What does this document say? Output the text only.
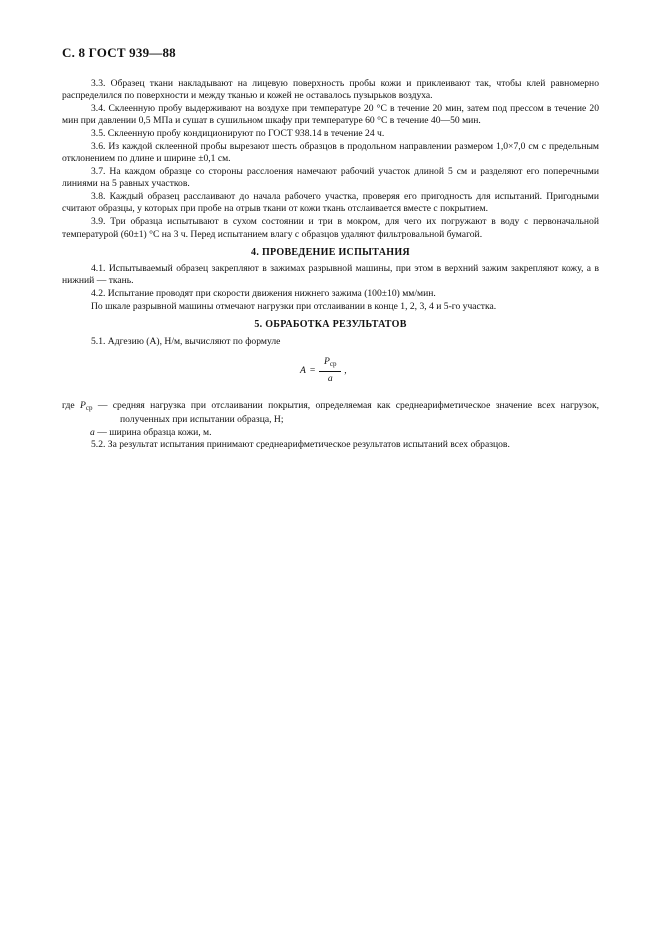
С. 8 ГОСТ 939—88

3.3. Образец ткани накладывают на лицевую поверхность пробы кожи и приклеивают так, чтобы клей равномерно распределился по поверхности и между тканью и кожей не оставалось пузырьков воздуха.

3.4. Склеенную пробу выдерживают на воздухе при температуре 20 °С в течение 20 мин, затем под прессом в течение 20 мин при давлении 0,5 МПа и сушат в сушильном шкафу при температуре 60 °С в течение 40—50 мин.

3.5. Склеенную пробу кондиционируют по ГОСТ 938.14 в течение 24 ч.

3.6. Из каждой склеенной пробы вырезают шесть образцов в продольном направлении размером 1,0×7,0 см с предельным отклонением по длине и ширине ±0,1 см.

3.7. На каждом образце со стороны расслоения намечают рабочий участок длиной 5 см и разделяют его поперечными линиями на 5 равных участков.

3.8. Каждый образец расслаивают до начала рабочего участка, проверяя его пригодность для испытаний. Пригодными считают образцы, у которых при пробе на отрыв ткани от кожи ткань отслаивается вместе с покрытием.

3.9. Три образца испытывают в сухом состоянии и три в мокром, для чего их погружают в воду с первоначальной температурой (60±1) °С на 3 ч. Перед испытанием влагу с образцов удаляют фильтровальной бумагой.

4. ПРОВЕДЕНИЕ ИСПЫТАНИЯ

4.1. Испытываемый образец закрепляют в зажимах разрывной машины, при этом в верхний зажим закрепляют кожу, а в нижний — ткань.

4.2. Испытание проводят при скорости движения нижнего зажима (100±10) мм/мин.

По шкале разрывной машины отмечают нагрузки при отслаивании в конце 1, 2, 3, 4 и 5-го участка.

5. ОБРАБОТКА РЕЗУЛЬТАТОВ

5.1. Адгезию (А), Н/м, вычисляют по формуле

$A = \frac{P_{ср}}{a}$ ,

где $P_{ср}$ — средняя нагрузка при отслаивании покрытия, определяемая как среднеарифметическое значение всех нагрузок, полученных при испытании образца, Н;

a — ширина образца кожи, м.

5.2. За результат испытания принимают среднеарифметическое результатов испытаний всех образцов.
